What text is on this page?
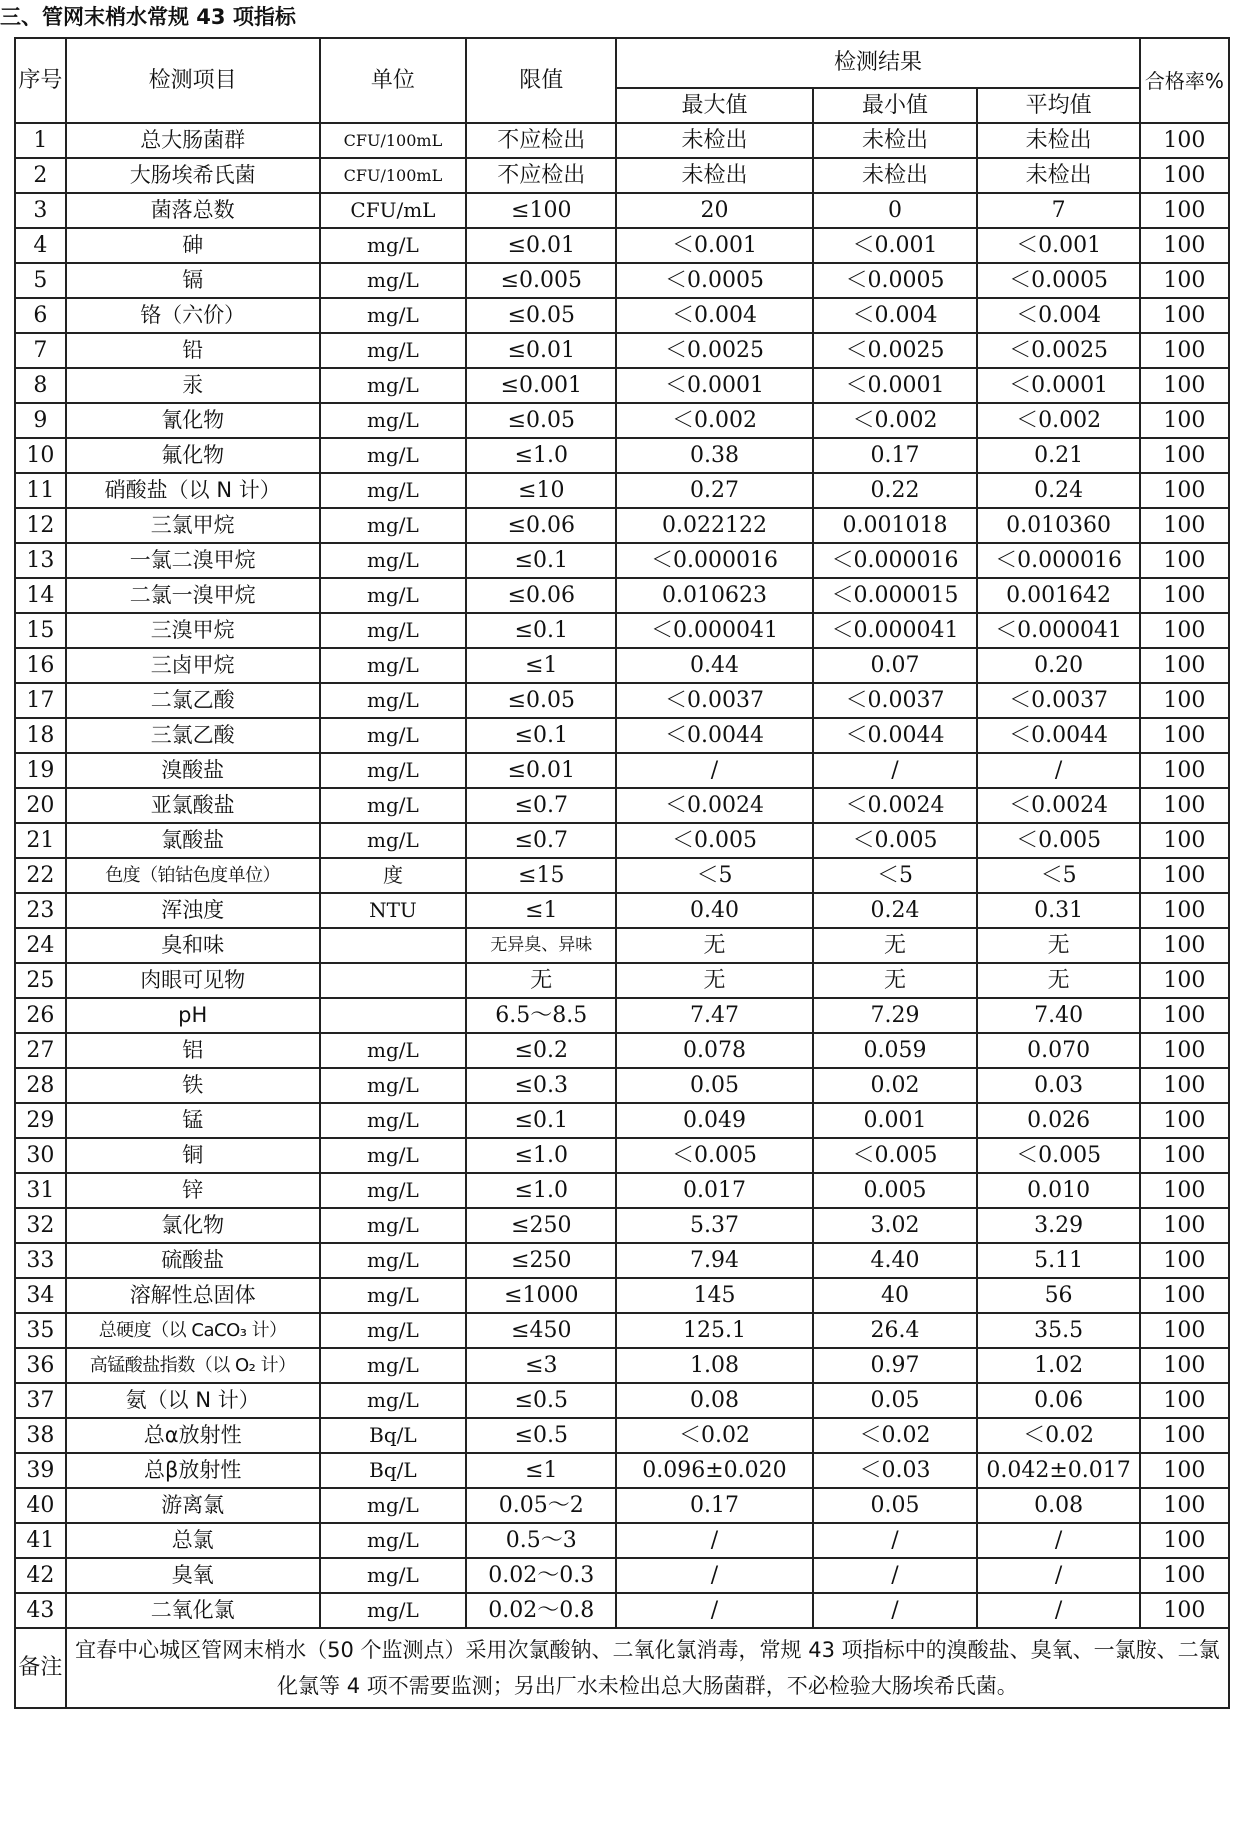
三、管网末梢水常规 43 项指标
序号	检测项目	单位	限值	检测结果			合格率%
				最大值	最小值	平均值	
1	总大肠菌群	CFU/100mL	不应检出	未检出	未检出	未检出	100
2	大肠埃希氏菌	CFU/100mL	不应检出	未检出	未检出	未检出	100
3	菌落总数	CFU/mL	≤100	20	0	7	100
4	砷	mg/L	≤0.01	＜0.001	＜0.001	＜0.001	100
5	镉	mg/L	≤0.005	＜0.0005	＜0.0005	＜0.0005	100
6	铬（六价）	mg/L	≤0.05	＜0.004	＜0.004	＜0.004	100
7	铅	mg/L	≤0.01	＜0.0025	＜0.0025	＜0.0025	100
8	汞	mg/L	≤0.001	＜0.0001	＜0.0001	＜0.0001	100
9	氰化物	mg/L	≤0.05	＜0.002	＜0.002	＜0.002	100
10	氟化物	mg/L	≤1.0	0.38	0.17	0.21	100
11	硝酸盐（以 N 计）	mg/L	≤10	0.27	0.22	0.24	100
12	三氯甲烷	mg/L	≤0.06	0.022122	0.001018	0.010360	100
13	一氯二溴甲烷	mg/L	≤0.1	＜0.000016	＜0.000016	＜0.000016	100
14	二氯一溴甲烷	mg/L	≤0.06	0.010623	＜0.000015	0.001642	100
15	三溴甲烷	mg/L	≤0.1	＜0.000041	＜0.000041	＜0.000041	100
16	三卤甲烷	mg/L	≤1	0.44	0.07	0.20	100
17	二氯乙酸	mg/L	≤0.05	＜0.0037	＜0.0037	＜0.0037	100
18	三氯乙酸	mg/L	≤0.1	＜0.0044	＜0.0044	＜0.0044	100
19	溴酸盐	mg/L	≤0.01	/	/	/	100
20	亚氯酸盐	mg/L	≤0.7	＜0.0024	＜0.0024	＜0.0024	100
21	氯酸盐	mg/L	≤0.7	＜0.005	＜0.005	＜0.005	100
22	色度（铂钴色度单位）	度	≤15	＜5	＜5	＜5	100
23	浑浊度	NTU	≤1	0.40	0.24	0.31	100
24	臭和味		无异臭、异味	无	无	无	100
25	肉眼可见物		无	无	无	无	100
26	pH		6.5～8.5	7.47	7.29	7.40	100
27	铝	mg/L	≤0.2	0.078	0.059	0.070	100
28	铁	mg/L	≤0.3	0.05	0.02	0.03	100
29	锰	mg/L	≤0.1	0.049	0.001	0.026	100
30	铜	mg/L	≤1.0	＜0.005	＜0.005	＜0.005	100
31	锌	mg/L	≤1.0	0.017	0.005	0.010	100
32	氯化物	mg/L	≤250	5.37	3.02	3.29	100
33	硫酸盐	mg/L	≤250	7.94	4.40	5.11	100
34	溶解性总固体	mg/L	≤1000	145	40	56	100
35	总硬度（以 CaCO₃ 计）	mg/L	≤450	125.1	26.4	35.5	100
36	高锰酸盐指数（以 O₂ 计）	mg/L	≤3	1.08	0.97	1.02	100
37	氨（以 N 计）	mg/L	≤0.5	0.08	0.05	0.06	100
38	总α放射性	Bq/L	≤0.5	＜0.02	＜0.02	＜0.02	100
39	总β放射性	Bq/L	≤1	0.096±0.020	＜0.03	0.042±0.017	100
40	游离氯	mg/L	0.05～2	0.17	0.05	0.08	100
41	总氯	mg/L	0.5～3	/	/	/	100
42	臭氧	mg/L	0.02～0.3	/	/	/	100
43	二氧化氯	mg/L	0.02～0.8	/	/	/	100
备注	宜春中心城区管网末梢水（50 个监测点）采用次氯酸钠、二氧化氯消毒，常规 43 项指标中的溴酸盐、臭氧、一氯胺、二氯化氯等 4 项不需要监测；另出厂水未检出总大肠菌群，不必检验大肠埃希氏菌。						
